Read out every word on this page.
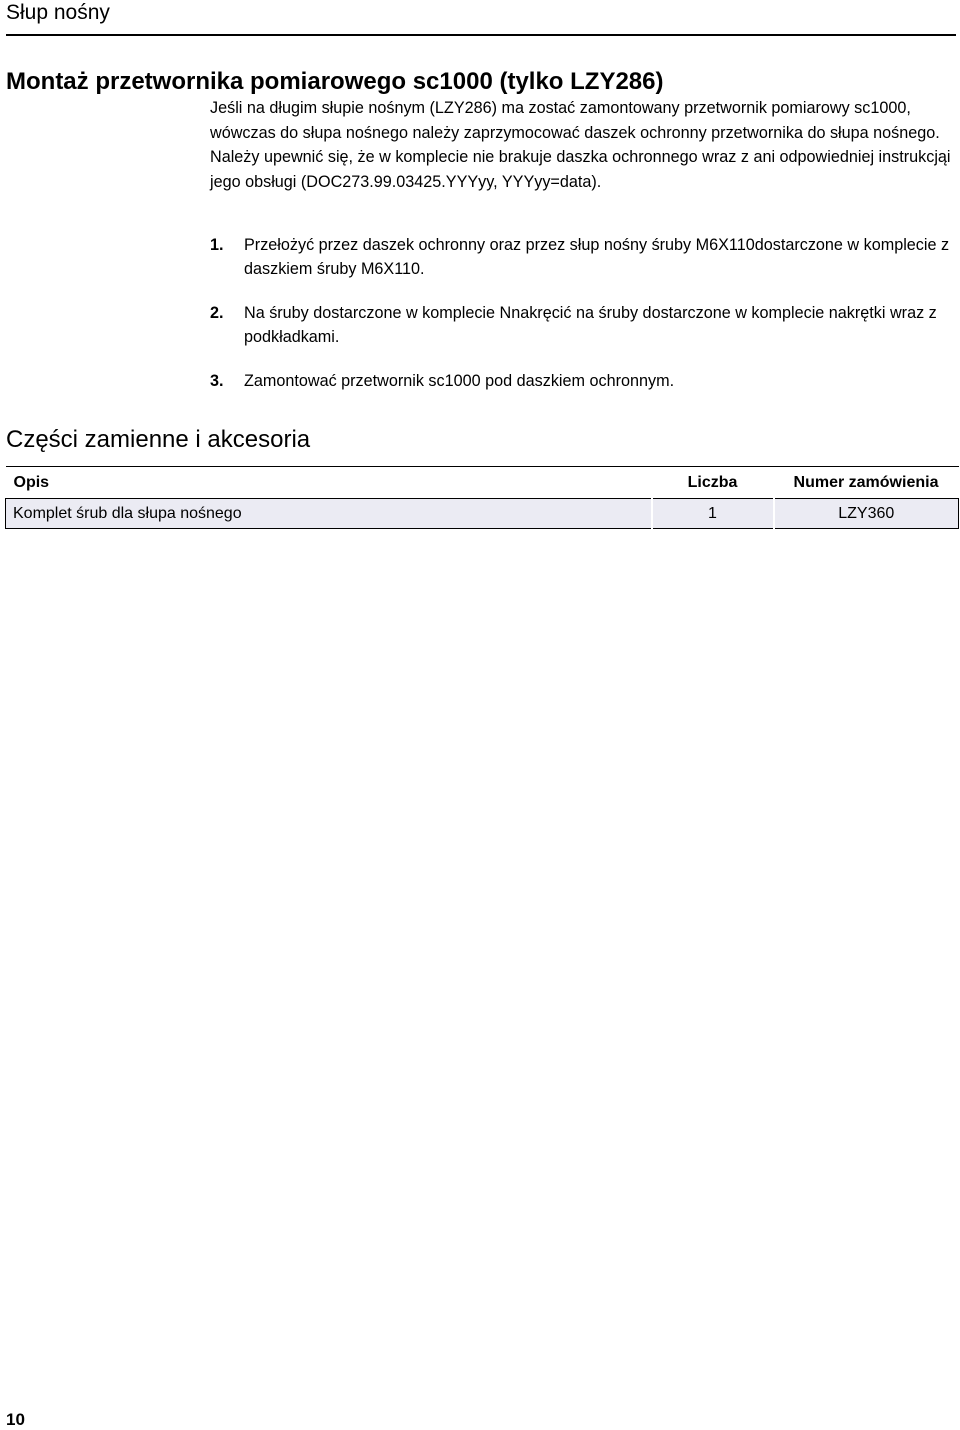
Słup nośny
Montaż przetwornika pomiarowego sc1000 (tylko LZY286)

Jeśli na długim słupie nośnym (LZY286) ma zostać zamontowany przetwornik pomiarowy sc1000, wówczas do słupa nośnego należy zaprzymocować daszek ochronny przetwornika do słupa nośnego. Należy upewnić się, że w komplecie nie brakuje daszka ochronnego wraz z ani odpowiedniej instrukcjąi jego obsługi (DOC273.99.03425.YYYyy, YYYyy=data).

1. Przełożyć przez daszek ochronny oraz przez słup nośny śruby M6X110dostarczone w komplecie z daszkiem śruby M6X110.
2. Na śruby dostarczone w komplecie Nnakręcić na śruby dostarczone w komplecie nakrętki wraz z podkładkami.
3. Zamontować przetwornik sc1000 pod daszkiem ochronnym.
Części zamienne i akcesoria
Opis	Liczba	Numer zamówienia
Komplet śrub dla słupa nośnego	1	LZY360
10
